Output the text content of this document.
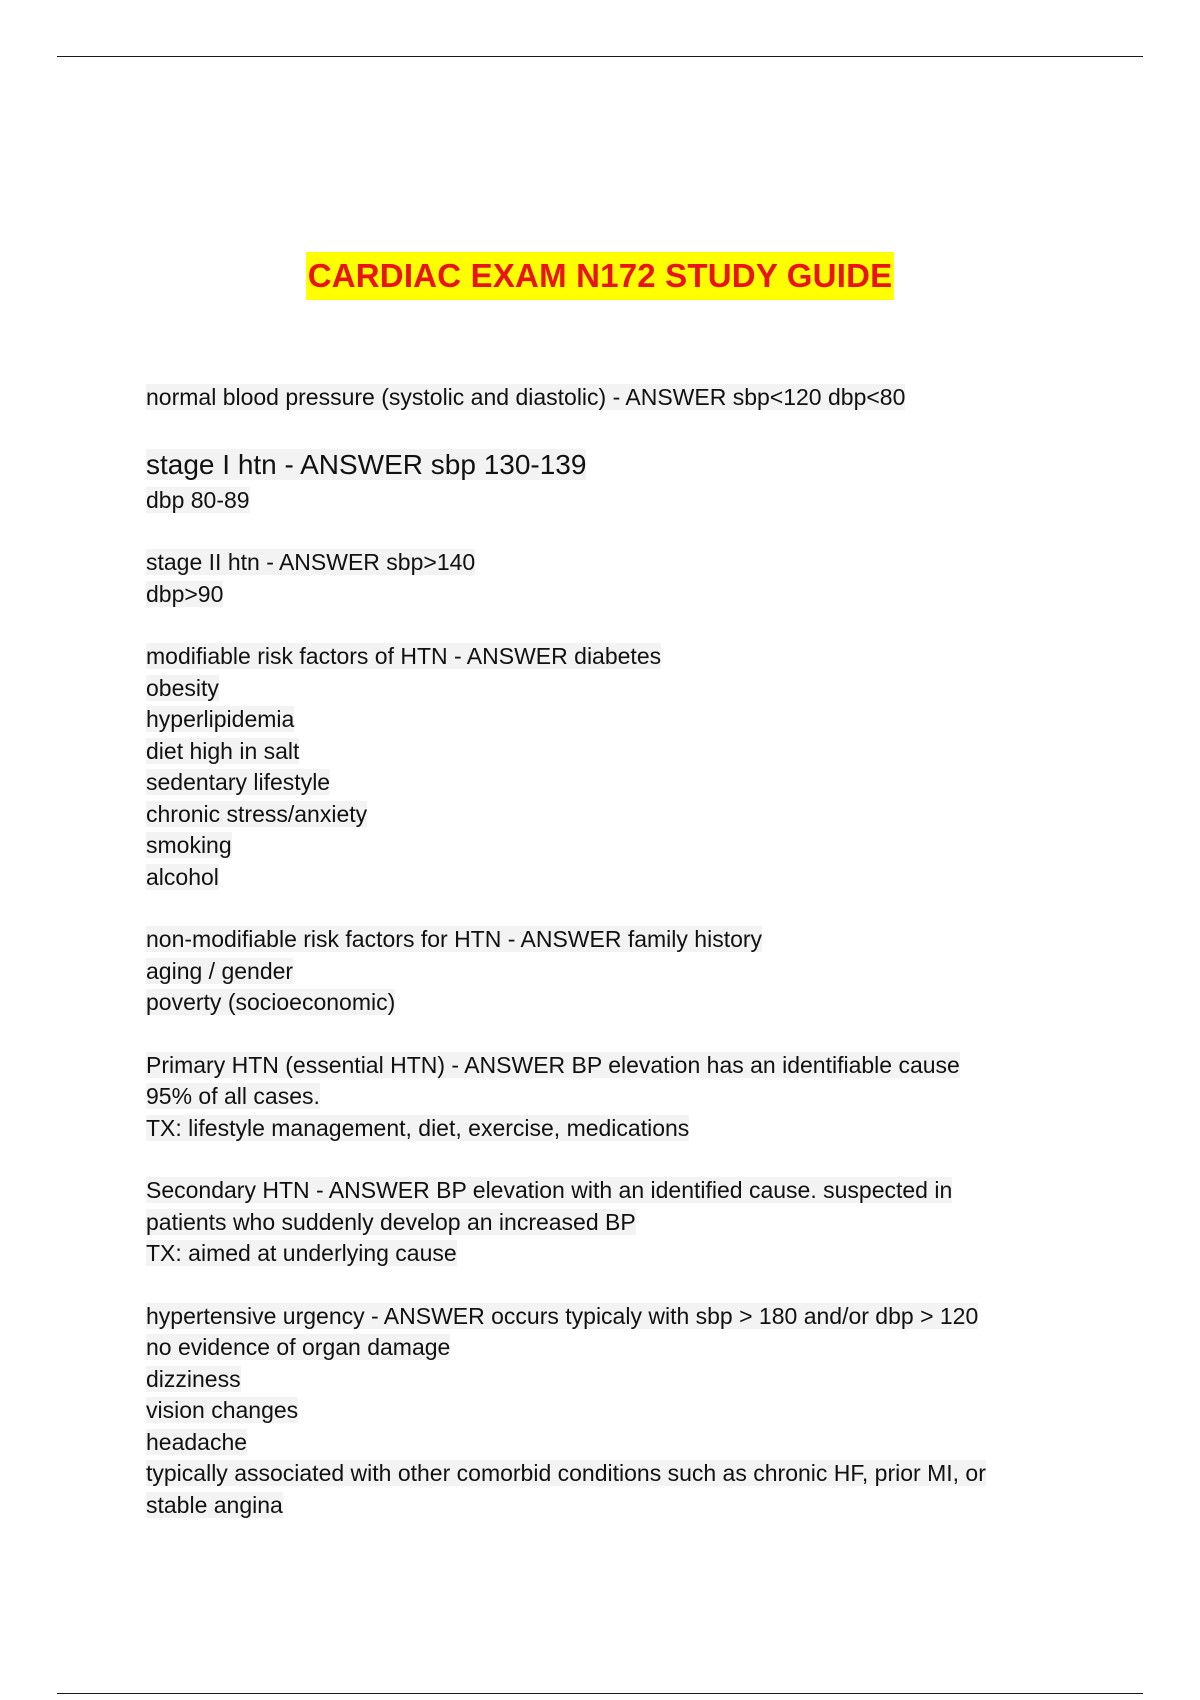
CARDIAC EXAM N172 STUDY GUIDE
normal blood pressure (systolic and diastolic) - ANSWER sbp<120 dbp<80
stage I htn - ANSWER sbp 130-139
dbp 80-89
stage II htn - ANSWER sbp>140
dbp>90
modifiable risk factors of HTN - ANSWER diabetes
obesity
hyperlipidemia
diet high in salt
sedentary lifestyle
chronic stress/anxiety
smoking
alcohol
non-modifiable risk factors for HTN - ANSWER family history
aging / gender
poverty (socioeconomic)
Primary HTN (essential HTN) - ANSWER BP elevation has an identifiable cause
95% of all cases.
TX: lifestyle management, diet, exercise, medications
Secondary HTN - ANSWER BP elevation with an identified cause. suspected in
patients who suddenly develop an increased BP
TX: aimed at underlying cause
hypertensive urgency - ANSWER occurs typicaly with sbp > 180 and/or dbp > 120
no evidence of organ damage
dizziness
vision changes
headache
typically associated with other comorbid conditions such as chronic HF, prior MI, or
stable angina
